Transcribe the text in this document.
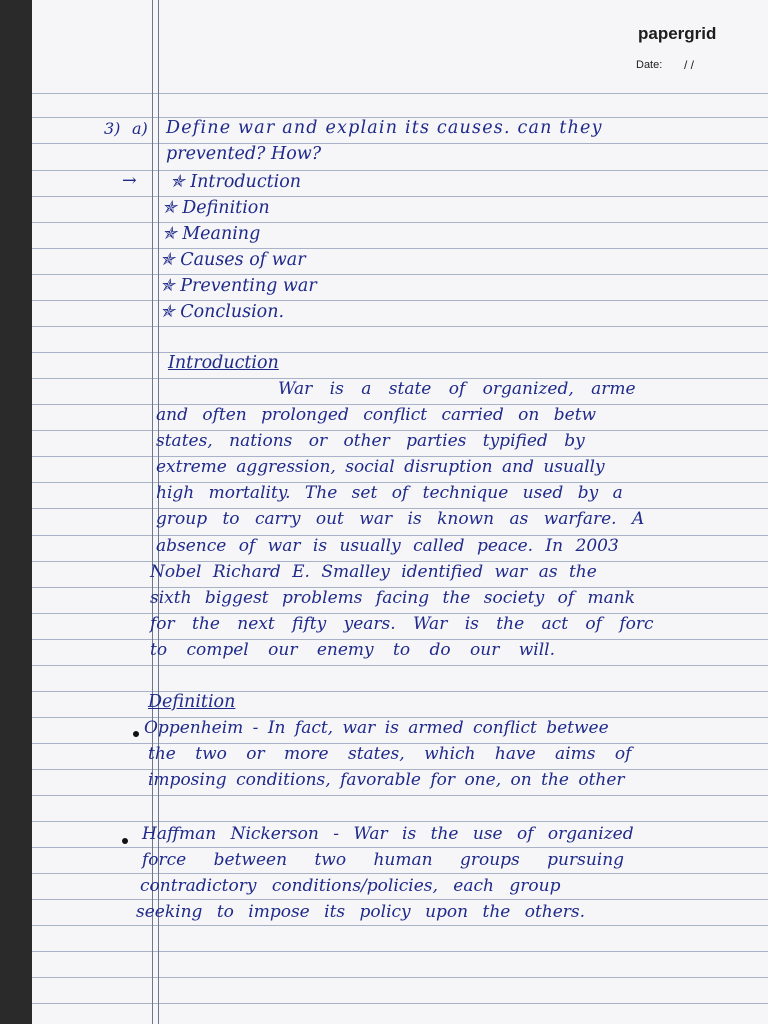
papergrid
Date: / /
3) a) Define war and explain its causes. can they
prevented? How?
→ ✯ Introduction
✯ Definition
✯ Meaning
✯ Causes of war
✯ Preventing war
✯ Conclusion.
Introduction
War is a state of organized, arme
and often prolonged conflict carried on betw
states, nations or other parties typified by
extreme aggression, social disruption and usually
high mortality. The set of technique used by a
group to carry out war is known as warfare. A
absence of war is usually called peace. In 2003
Nobel Richard E. Smalley identified war as the
sixth biggest problems facing the society of mank
for the next fifty years. War is the act of forc
to compel our enemy to do our will.
Definition
Oppenheim - In fact, war is armed conflict betwee
the two or more states, which have aims of
imposing conditions, favorable for one, on the other
Haffman Nickerson - War is the use of organized
force between two human groups pursuing
contradictory conditions/policies, each group
seeking to impose its policy upon the others.
